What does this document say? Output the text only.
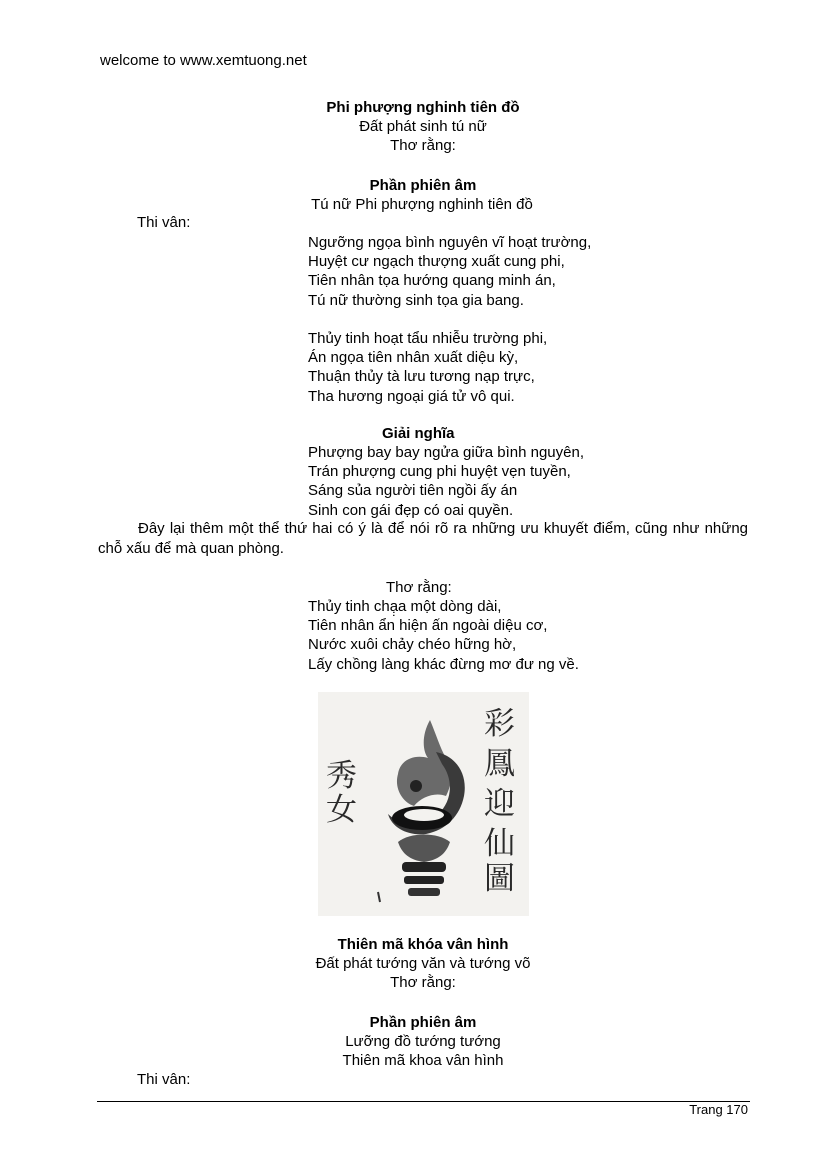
welcome to www.xemtuong.net
Phi phượng nghinh tiên đồ
Đất phát sinh tú nữ
Thơ rằng:
Phần phiên âm
Tú nữ Phi phượng nghinh tiên đồ
Thi vân:
Ngưỡng ngọa bình nguyên vĩ hoạt trường,
Huyệt cư ngạch thượng xuất cung phi,
Tiên nhân tọa hướng quang minh án,
Tú nữ thường sinh tọa gia bang.
Thủy tinh hoạt tẩu nhiễu trường phi,
Án ngọa tiên nhân xuất diệu kỳ,
Thuận thủy tà lưu tương nạp trực,
Tha hương ngoại giá tử vô qui.
Giải nghĩa
Phượng bay bay ngửa giữa bình nguyên,
Trán phượng cung phi huyệt vẹn tuyền,
Sáng sủa người tiên ngồi ấy án
Sinh con gái đẹp có oai quyền.
Đây lại thêm một thể thứ hai có ý là để nói rõ ra những ưu khuyết điểm, cũng như những chỗ xấu để mà quan phòng.
Thơ rằng:
Thủy tinh chạ̣a một dòng dài,
Tiên nhân ẩn hiện ấn ngoài diệu cơ,
Nước xuôi chảy chéo hững hờ,
Lấy chồng làng khác đừng mơ đư ng về.
彩
鳳
迎
仙
圖
秀
女
Thiên mã khóa vân hình
Đất phát tướng văn và tướng võ
Thơ rằng:
Phần phiên âm
Lưỡng đồ tướng tướng
Thiên mã khoa vân hình
Thi vân:
Trang 170
